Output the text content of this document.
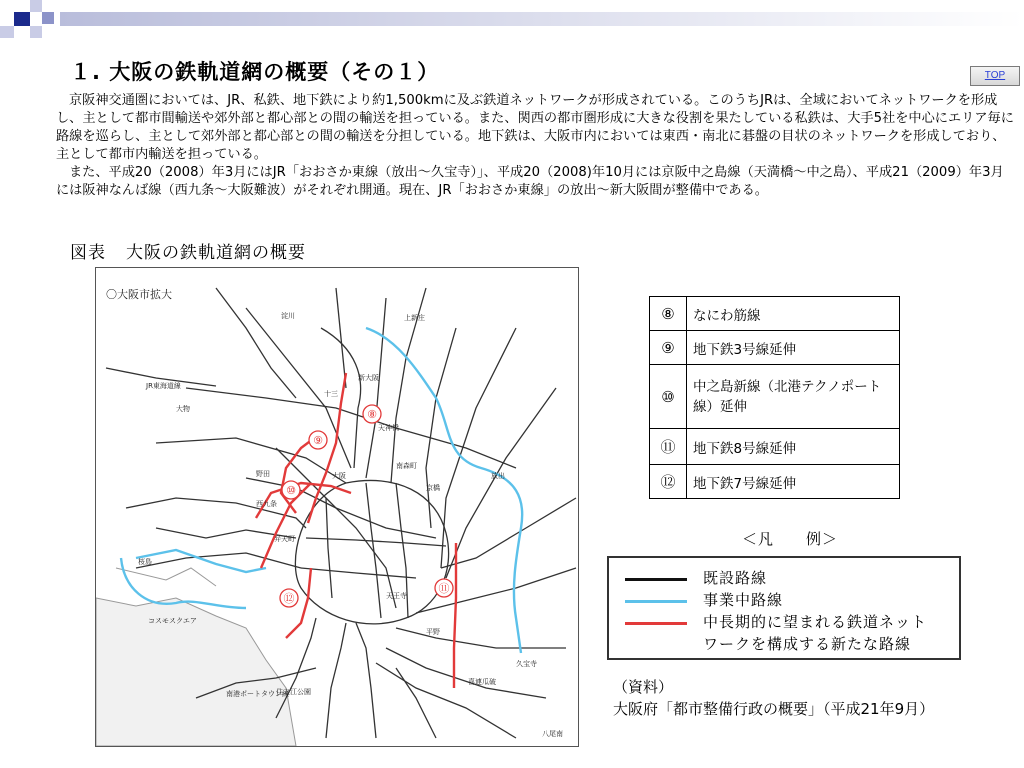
１. 大阪の鉄軌道網の概要（その１）	TOP

京阪神交通圏においては、JR、私鉄、地下鉄により約1,500kmに及ぶ鉄道ネットワークが形成されている。このうちJRは、全域においてネットワークを形成し、主として都市間輸送や郊外部と都心部との間の輸送を担っている。また、関西の都市圏形成に大きな役割を果たしている私鉄は、大手5社を中心にエリア毎に路線を巡らし、主として郊外部と都心部との間の輸送を分担している。地下鉄は、大阪市内においては東西・南北に碁盤の目状のネットワークを形成しており、主として都市内輸送を担っている。

また、平成20（2008）年3月にはJR「おおさか東線（放出～久宝寺）」、平成20（2008)年10月には京阪中之島線（天満橋～中之島）、平成21（2009）年3月には阪神なんば線（西九条～大阪難波）がそれぞれ開通。現在、JR「おおさか東線」の放出～新大阪間が整備中である。

図表 大阪の鉄軌道網の概要
⑧
⑨
⑩
⑪
⑫
〇大阪市拡大
JR東海道線
大物
十三
天神橋
新大阪
野田	大阪
京橋
西九条
弁天町
天王寺
住之江公園
南港ポートタウン線
コスモスクエア
桜島
放出
久宝寺
八尾南
平野
喜連瓜破
上新庄
淀川
南森町
⑧	なにわ筋線
⑨	地下鉄3号線延伸
⑩	中之島新線（北港テクノポート線）延伸
⑪	地下鉄8号線延伸
⑫	地下鉄7号線延伸
＜凡　　例＞
既設路線
事業中路線
中長期的に望まれる鉄道ネット
ワークを構成する新たな路線
（資料）
大阪府「都市整備行政の概要」（平成21年9月）
